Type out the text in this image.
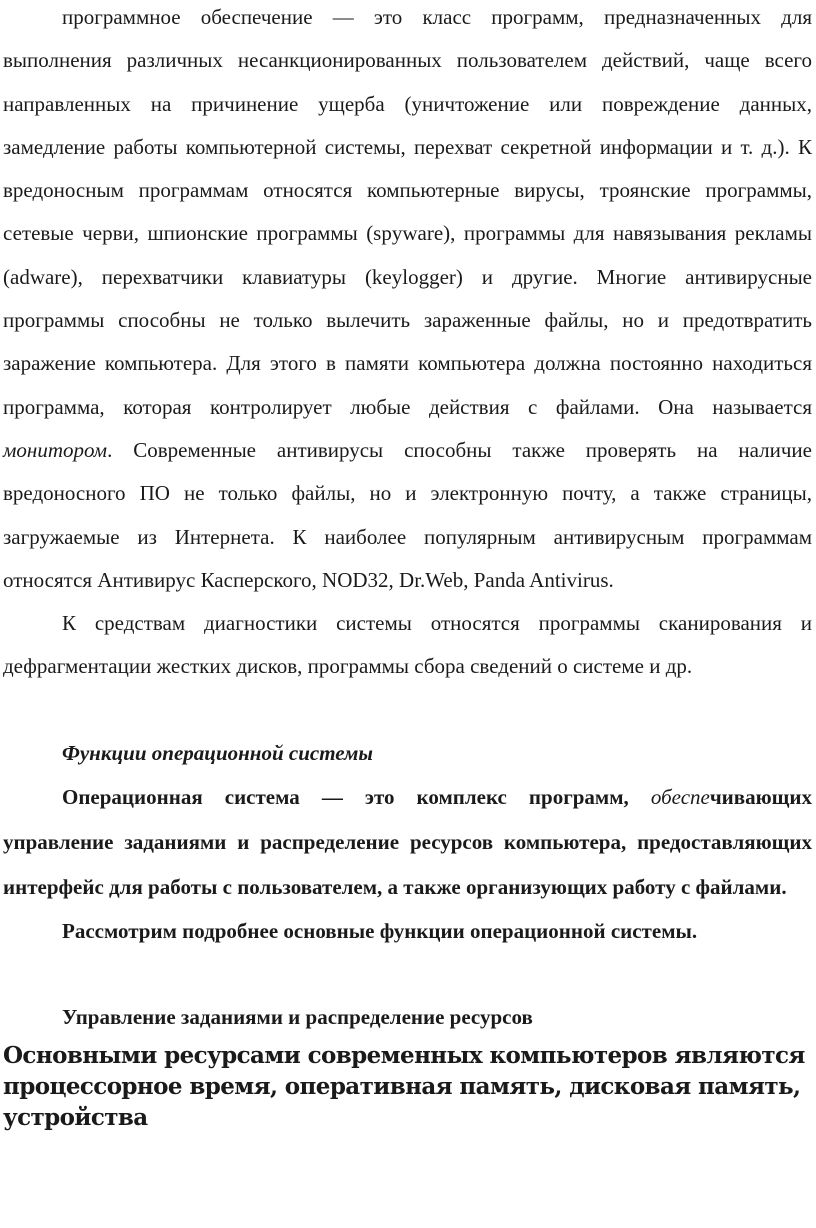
программное обеспечение — это класс программ, предназначенных для выполнения различных несанкционированных пользователем действий, чаще всего направленных на причинение ущерба (уничтожение или повреждение данных, замедление работы компьютерной системы, перехват секретной информации и т. д.). К вредоносным программам относятся компьютерные вирусы, троянские программы, сетевые черви, шпионские программы (spyware), программы для навязывания рекламы (adware), перехватчики клавиатуры (keylogger) и другие. Многие антивирусные программы способны не только вылечить зараженные файлы, но и предотвратить заражение компьютера. Для этого в памяти компьютера должна постоянно находиться программа, которая контролирует любые действия с файлами. Она называется монитором. Современные антивирусы способны также проверять на наличие вредоносного ПО не только файлы, но и электронную почту, а также страницы, загружаемые из Интернета. К наиболее популярным антивирусным программам относятся Антивирус Касперского, NOD32, Dr.Web, Panda Antivirus.

К средствам диагностики системы относятся программы сканирования и дефрагментации жестких дисков, программы сбора сведений о системе и др.

Функции операционной системы

Операционная система — это комплекс программ, обеспечивающих управление заданиями и распределение ресурсов компьютера, предоставляющих интерфейс для работы с пользователем, а также организующих работу с файлами.

Рассмотрим подробнее основные функции операционной системы.

Управление заданиями и распределение ресурсов

Основными ресурсами современных компьютеров являются процессорное время, оперативная память, дисковая память, устройства
